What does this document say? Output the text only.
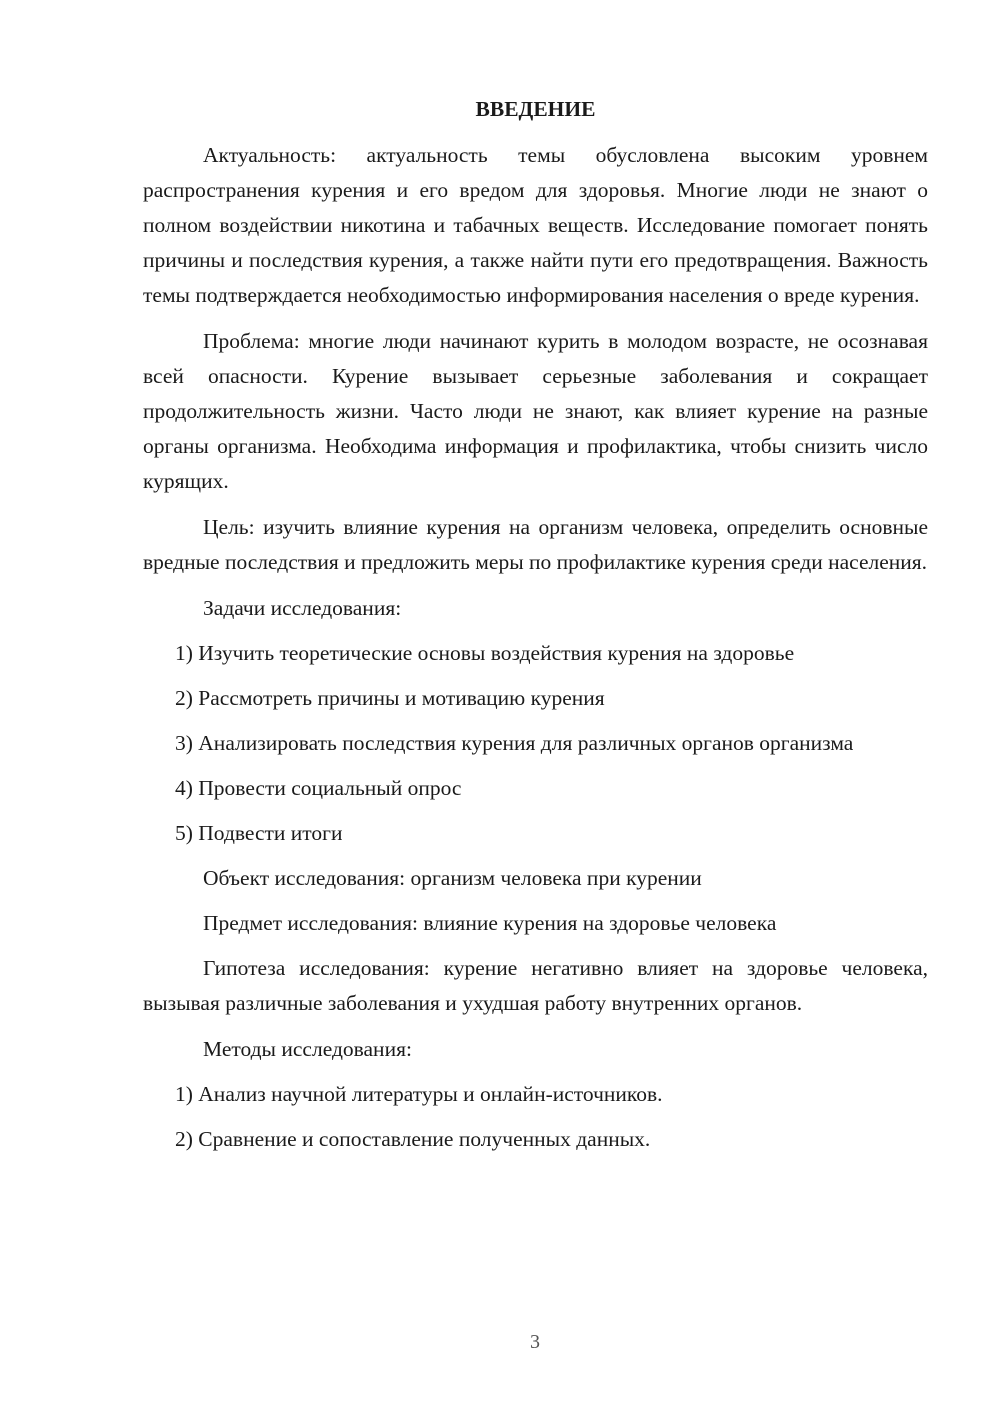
ВВЕДЕНИЕ

Актуальность: актуальность темы обусловлена высоким уровнем распространения курения и его вредом для здоровья. Многие люди не знают о полном воздействии никотина и табачных веществ. Исследование помогает понять причины и последствия курения, а также найти пути его предотвращения. Важность темы подтверждается необходимостью информирования населения о вреде курения.

Проблема: многие люди начинают курить в молодом возрасте, не осознавая всей опасности. Курение вызывает серьезные заболевания и сокращает продолжительность жизни. Часто люди не знают, как влияет курение на разные органы организма. Необходима информация и профилактика, чтобы снизить число курящих.

Цель: изучить влияние курения на организм человека, определить основные вредные последствия и предложить меры по профилактике курения среди населения.

Задачи исследования:

1) Изучить теоретические основы воздействия курения на здоровье

2) Рассмотреть причины и мотивацию курения

3) Анализировать последствия курения для различных органов организма

4) Провести социальный опрос

5) Подвести итоги

Объект исследования: организм человека при курении

Предмет исследования: влияние курения на здоровье человека

Гипотеза исследования: курение негативно влияет на здоровье человека, вызывая различные заболевания и ухудшая работу внутренних органов.

Методы исследования:

1) Анализ научной литературы и онлайн-источников.

2) Сравнение и сопоставление полученных данных.

3
